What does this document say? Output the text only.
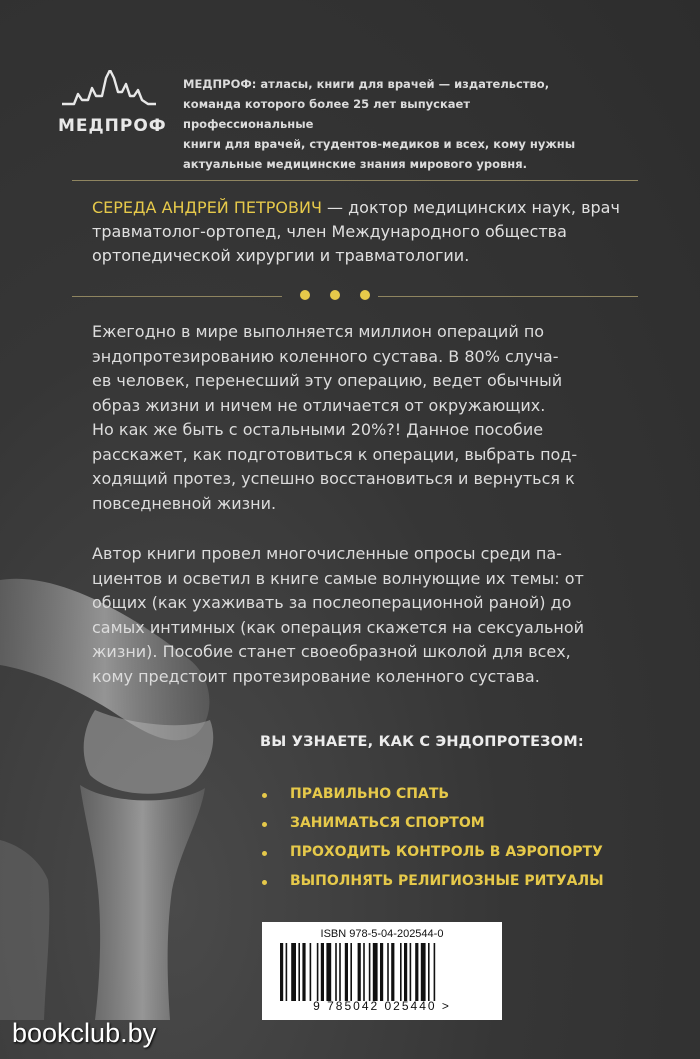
МЕДПРОФ
МЕДПРОФ: атласы, книги для врачей — издательство,
команда которого более 25 лет выпускает профессиональные
книги для врачей, студентов-медиков и всех, кому нужны
актуальные медицинские знания мирового уровня.
СЕРЕДА АНДРЕЙ ПЕТРОВИЧ — доктор медицинских наук, врач
травматолог-ортопед, член Международного общества
ортопедической хирургии и травматологии.
Ежегодно в мире выполняется миллион операций по
эндопротезированию коленного сустава. В 80% случа-
ев человек, перенесший эту операцию, ведет обычный
образ жизни и ничем не отличается от окружающих.
Но как же быть с остальными 20%?! Данное пособие
расскажет, как подготовиться к операции, выбрать под-
ходящий протез, успешно восстановиться и вернуться к
повседневной жизни.
Автор книги провел многочисленные опросы среди па-
циентов и осветил в книге самые волнующие их темы: от
общих (как ухаживать за послеоперационной раной) до
самых интимных (как операция скажется на сексуальной
жизни). Пособие станет своеобразной школой для всех,
кому предстоит протезирование коленного сустава.
ВЫ УЗНАЕТЕ, КАК С ЭНДОПРОТЕЗОМ:
ПРАВИЛЬНО СПАТЬ
ЗАНИМАТЬСЯ СПОРТОМ
ПРОХОДИТЬ КОНТРОЛЬ В АЭРОПОРТУ
ВЫПОЛНЯТЬ РЕЛИГИОЗНЫЕ РИТУАЛЫ
ISBN 978-5-04-202544-0
9 785042 025440 >
bookclub.by
